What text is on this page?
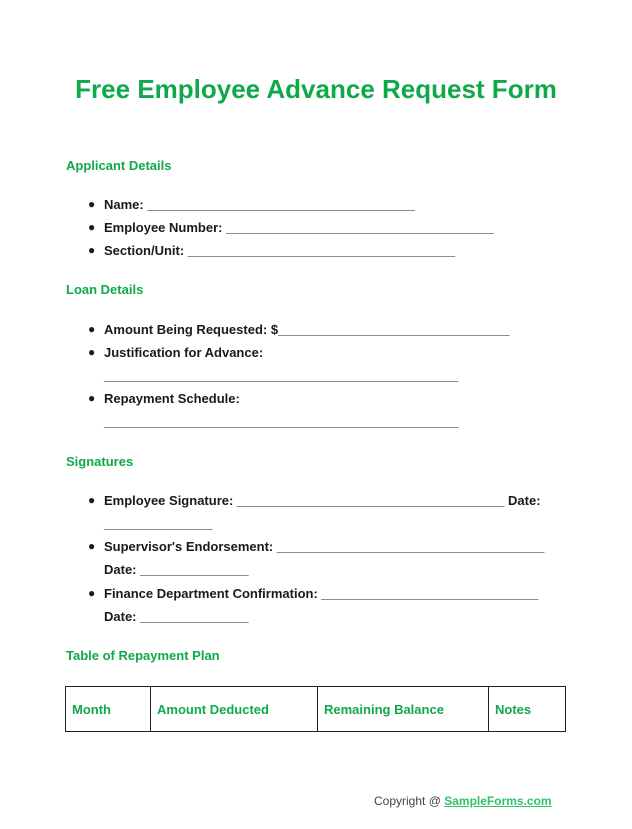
Free Employee Advance Request Form
Applicant Details
● Name: _____________________________________
● Employee Number: _____________________________________
● Section/Unit: _____________________________________
Loan Details
● Amount Being Requested: $________________________________
● Justification for Advance:
_________________________________________________
● Repayment Schedule:
_________________________________________________
Signatures
● Employee Signature: _____________________________________ Date:
_______________
● Supervisor's Endorsement: _____________________________________
Date: _______________
● Finance Department Confirmation: ______________________________
Date: _______________
Table of Repayment Plan
Month	Amount Deducted	Remaining Balance	Notes
Copyright @ SampleForms.com
